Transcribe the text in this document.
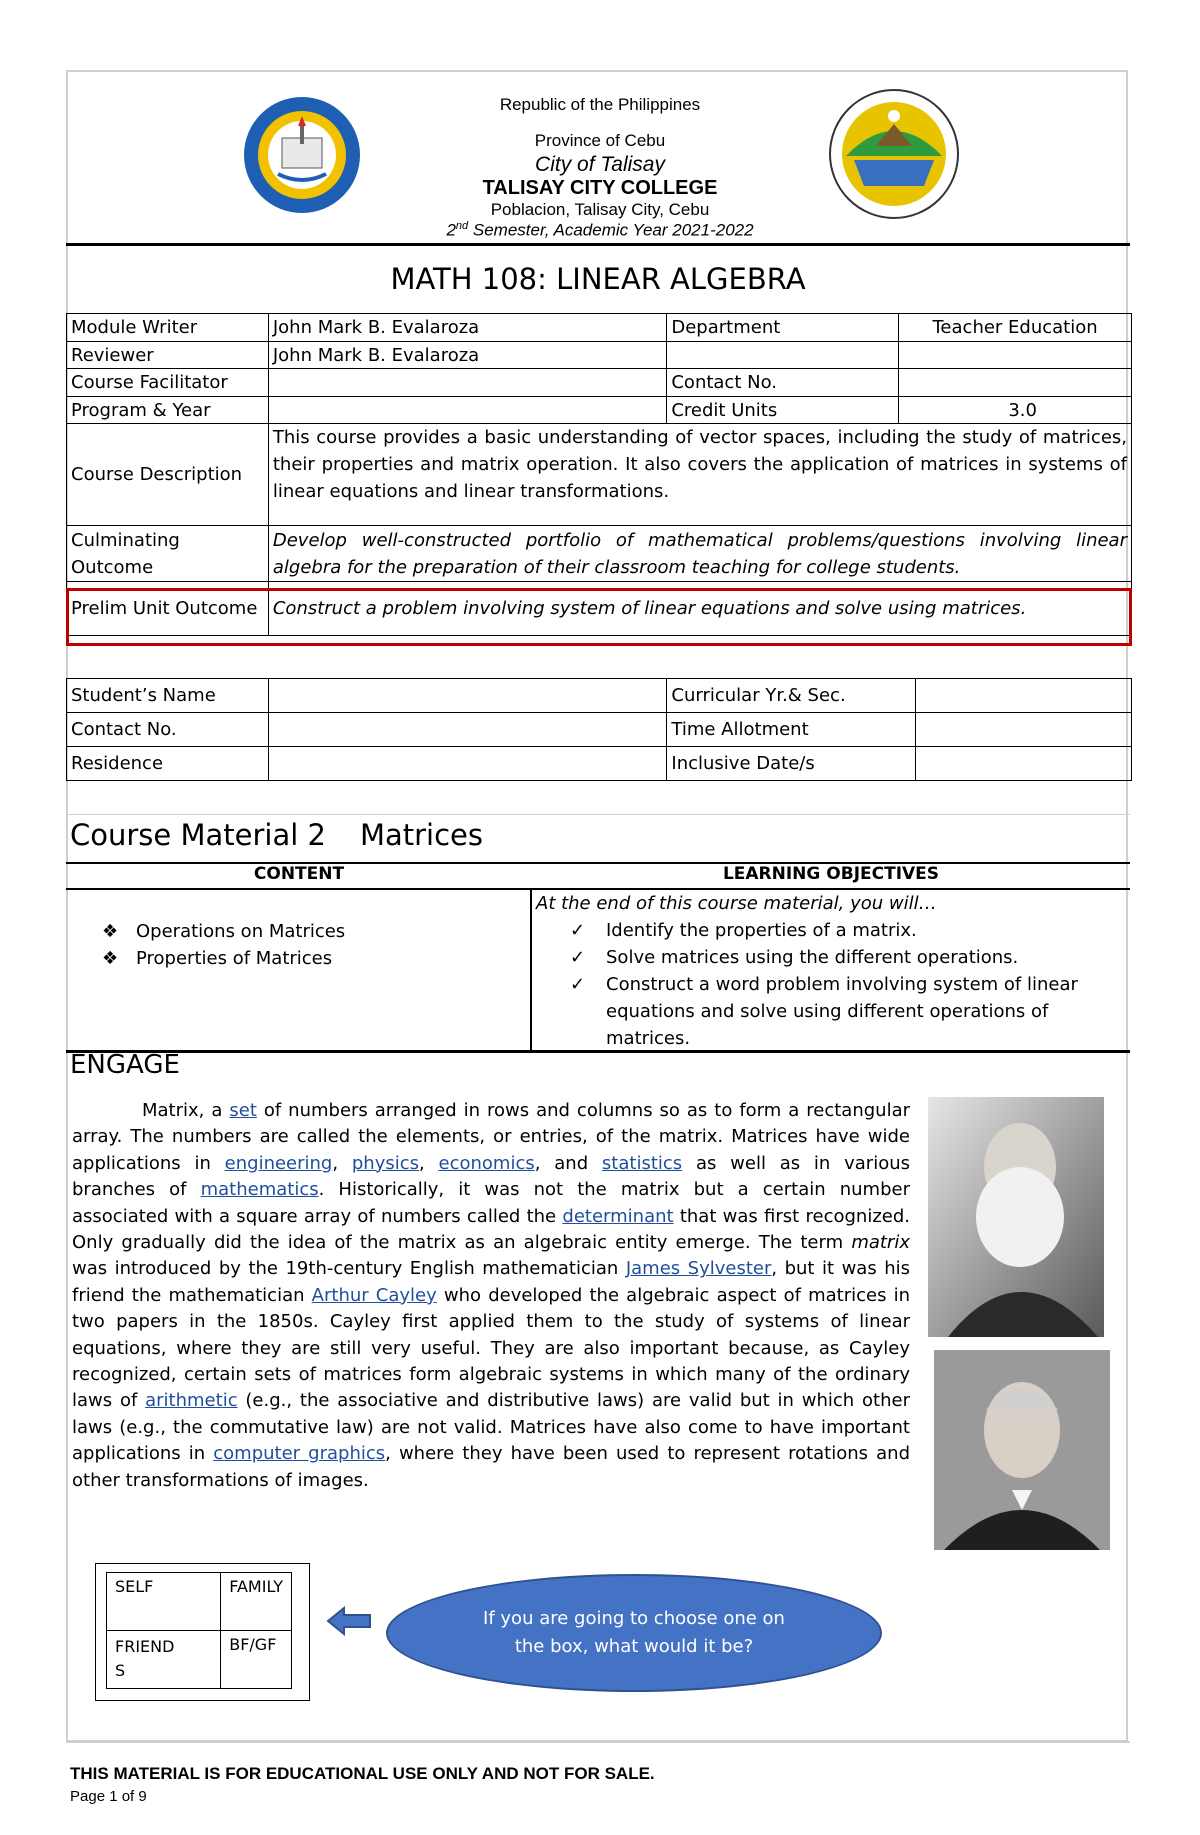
Republic of the Philippines

Province of Cebu

City of Talisay

TALISAY CITY COLLEGE

Poblacion, Talisay City, Cebu

2nd Semester, Academic Year 2021-2022

MATH 108: LINEAR ALGEBRA
Module Writer	John Mark B. Evalaroza	Department	Teacher Education
Reviewer	John Mark B. Evalaroza		
Course Facilitator		Contact No.	
Program & Year		Credit Units	3.0
Course Description	This course provides a basic understanding of vector spaces, including the study of matrices, their properties and matrix operation. It also covers the application of matrices in systems of linear equations and linear transformations.		
Culminating Outcome	Develop well-constructed portfolio of mathematical problems/questions involving linear algebra for the preparation of their classroom teaching for college students.		
Prelim Unit Outcome	Construct a problem involving system of linear equations and solve using matrices.		
Student’s Name		Curricular Yr.& Sec.	
Contact No.		Time Allotment	
Residence		Inclusive Date/s	
Course Material 2 Matrices
CONTENT	LEARNING OBJECTIVES
❖ Operations on Matrices
❖ Properties of Matrices
At the end of this course material, you will…
✓	Identify the properties of a matrix.
✓	Solve matrices using the different operations.
✓	Construct a word problem involving system of linear equations and solve using different operations of matrices.
ENGAGE

Matrix, a set of numbers arranged in rows and columns so as to form a rectangular array. The numbers are called the elements, or entries, of the matrix. Matrices have wide applications in engineering, physics, economics, and statistics as well as in various branches of mathematics. Historically, it was not the matrix but a certain number associated with a square array of numbers called the determinant that was first recognized. Only gradually did the idea of the matrix as an algebraic entity emerge. The term matrix was introduced by the 19th-century English mathematician James Sylvester, but it was his friend the mathematician Arthur Cayley who developed the algebraic aspect of matrices in two papers in the 1850s. Cayley first applied them to the study of systems of linear equations, where they are still very useful. They are also important because, as Cayley recognized, certain sets of matrices form algebraic systems in which many of the ordinary laws of arithmetic (e.g., the associative and distributive laws) are valid but in which other laws (e.g., the commutative law) are not valid. Matrices have also come to have important applications in computer graphics, where they have been used to represent rotations and other transformations of images.

SELF	FAMILY
FRIEND S	BF/GF
If you are going to choose one on the box, what would it be?
THIS MATERIAL IS FOR EDUCATIONAL USE ONLY AND NOT FOR SALE.
Page 1 of 9
